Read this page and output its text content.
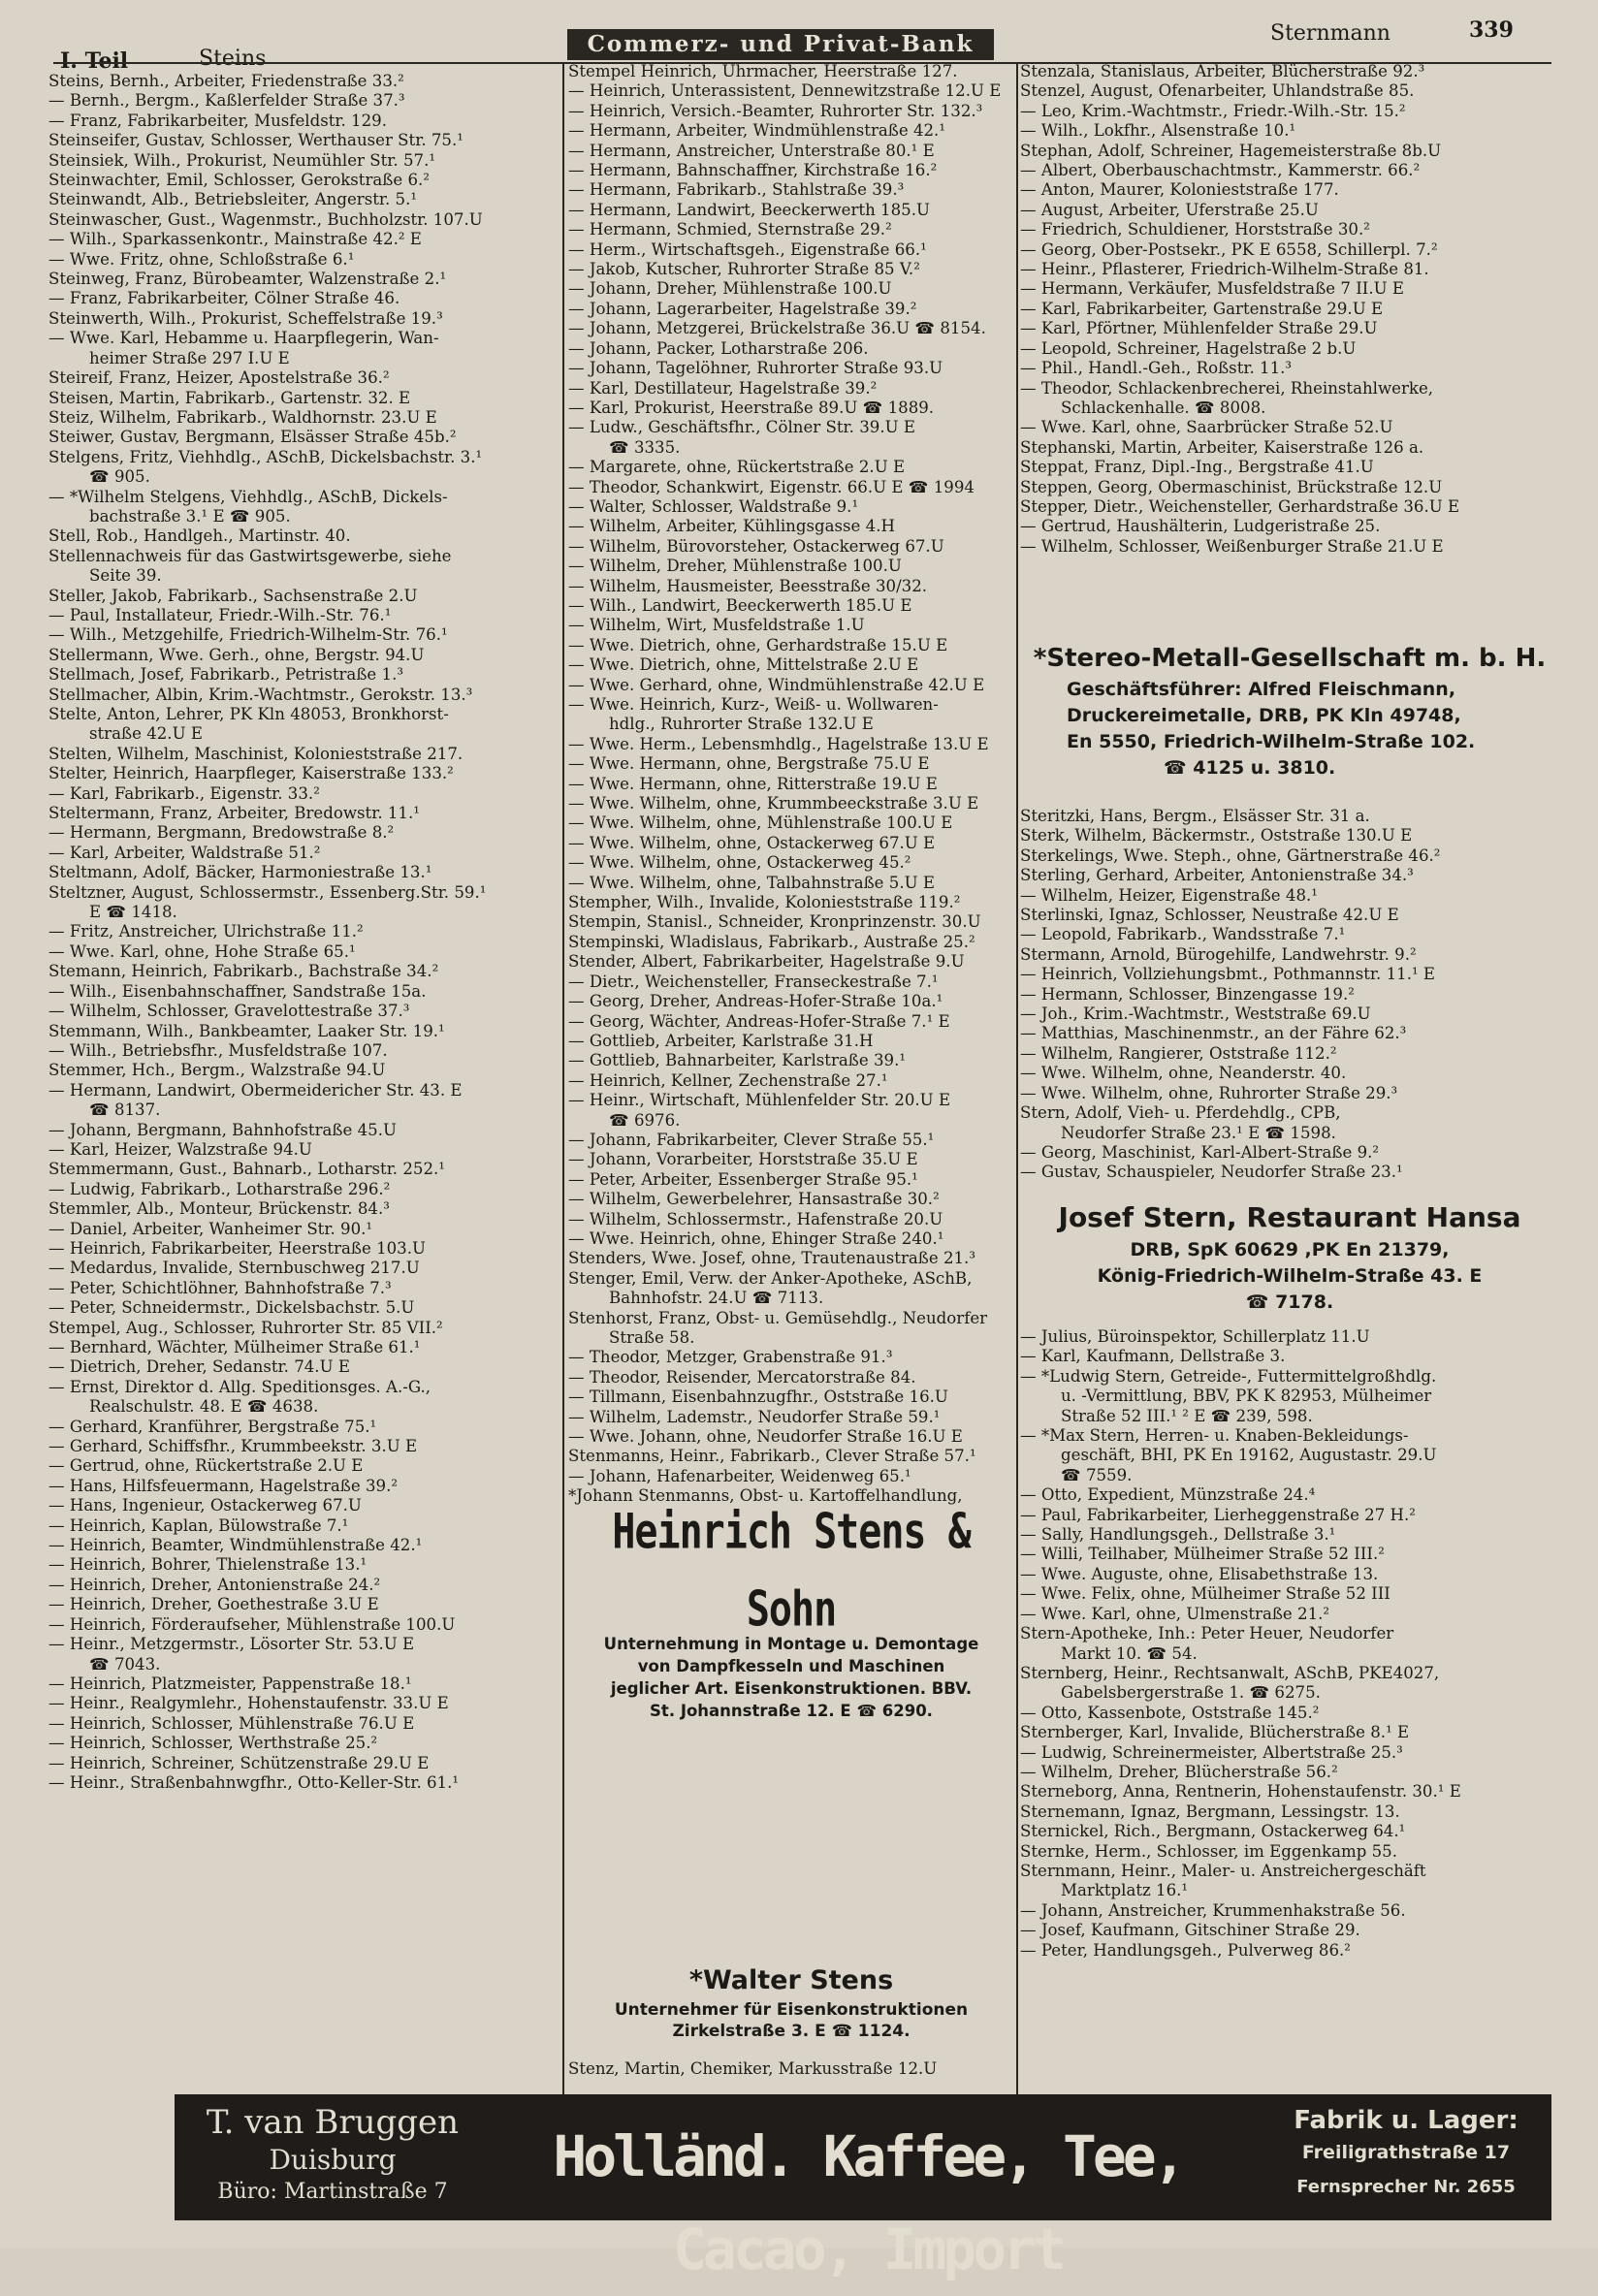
I. Teil	Steins
Commerz- und Privat-Bank	Sternmann	339
Steins, Bernh., Arbeiter, Friedenstraße 33.²
— Bernh., Bergm., Kaßlerfelder Straße 37.³
— Franz, Fabrikarbeiter, Musfeldstr. 129.
Steinseifer, Gustav, Schlosser, Werthauser Str. 75.¹
Steinsiek, Wilh., Prokurist, Neumühler Str. 57.¹
Steinwachter, Emil, Schlosser, Gerokstraße 6.²
Steinwandt, Alb., Betriebsleiter, Angerstr. 5.¹
Steinwascher, Gust., Wagenmstr., Buchholzstr. 107.U
— Wilh., Sparkassenkontr., Mainstraße 42.² E
— Wwe. Fritz, ohne, Schloßstraße 6.¹
Steinweg, Franz, Bürobeamter, Walzenstraße 2.¹
— Franz, Fabrikarbeiter, Cölner Straße 46.
Steinwerth, Wilh., Prokurist, Scheffelstraße 19.³
— Wwe. Karl, Hebamme u. Haarpflegerin, Wan-
heimer Straße 297 I.U E
Steireif, Franz, Heizer, Apostelstraße 36.²
Steisen, Martin, Fabrikarb., Gartenstr. 32. E
Steiz, Wilhelm, Fabrikarb., Waldhornstr. 23.U E
Steiwer, Gustav, Bergmann, Elsässer Straße 45b.²
Stelgens, Fritz, Viehhdlg., ASchB, Dickelsbachstr. 3.¹
☎ 905.
— *Wilhelm Stelgens, Viehhdlg., ASchB, Dickels-
bachstraße 3.¹ E ☎ 905.
Stell, Rob., Handlgeh., Martinstr. 40.
Stellennachweis für das Gastwirtsgewerbe, siehe
Seite 39.
Steller, Jakob, Fabrikarb., Sachsenstraße 2.U
— Paul, Installateur, Friedr.-Wilh.-Str. 76.¹
— Wilh., Metzgehilfe, Friedrich-Wilhelm-Str. 76.¹
Stellermann, Wwe. Gerh., ohne, Bergstr. 94.U
Stellmach, Josef, Fabrikarb., Petristraße 1.³
Stellmacher, Albin, Krim.-Wachtmstr., Gerokstr. 13.³
Stelte, Anton, Lehrer, PK Kln 48053, Bronkhorst-
straße 42.U E
Stelten, Wilhelm, Maschinist, Kolonieststraße 217.
Stelter, Heinrich, Haarpfleger, Kaiserstraße 133.²
— Karl, Fabrikarb., Eigenstr. 33.²
Steltermann, Franz, Arbeiter, Bredowstr. 11.¹
— Hermann, Bergmann, Bredowstraße 8.²
— Karl, Arbeiter, Waldstraße 51.²
Steltmann, Adolf, Bäcker, Harmoniestraße 13.¹
Steltzner, August, Schlossermstr., Essenberg.Str. 59.¹
E ☎ 1418.
— Fritz, Anstreicher, Ulrichstraße 11.²
— Wwe. Karl, ohne, Hohe Straße 65.¹
Stemann, Heinrich, Fabrikarb., Bachstraße 34.²
— Wilh., Eisenbahnschaffner, Sandstraße 15a.
— Wilhelm, Schlosser, Gravelottestraße 37.³
Stemmann, Wilh., Bankbeamter, Laaker Str. 19.¹
— Wilh., Betriebsfhr., Musfeldstraße 107.
Stemmer, Hch., Bergm., Walzstraße 94.U
— Hermann, Landwirt, Obermeidericher Str. 43. E
☎ 8137.
— Johann, Bergmann, Bahnhofstraße 45.U
— Karl, Heizer, Walzstraße 94.U
Stemmermann, Gust., Bahnarb., Lotharstr. 252.¹
— Ludwig, Fabrikarb., Lotharstraße 296.²
Stemmler, Alb., Monteur, Brückenstr. 84.³
— Daniel, Arbeiter, Wanheimer Str. 90.¹
— Heinrich, Fabrikarbeiter, Heerstraße 103.U
— Medardus, Invalide, Sternbuschweg 217.U
— Peter, Schichtlöhner, Bahnhofstraße 7.³
— Peter, Schneidermstr., Dickelsbachstr. 5.U
Stempel, Aug., Schlosser, Ruhrorter Str. 85 VII.²
— Bernhard, Wächter, Mülheimer Straße 61.¹
— Dietrich, Dreher, Sedanstr. 74.U E
— Ernst, Direktor d. Allg. Speditionsges. A.-G.,
Realschulstr. 48. E ☎ 4638.
— Gerhard, Kranführer, Bergstraße 75.¹
— Gerhard, Schiffsfhr., Krummbeekstr. 3.U E
— Gertrud, ohne, Rückertstraße 2.U E
— Hans, Hilfsfeuermann, Hagelstraße 39.²
— Hans, Ingenieur, Ostackerweg 67.U
— Heinrich, Kaplan, Bülowstraße 7.¹
— Heinrich, Beamter, Windmühlenstraße 42.¹
— Heinrich, Bohrer, Thielenstraße 13.¹
— Heinrich, Dreher, Antonienstraße 24.²
— Heinrich, Dreher, Goethestraße 3.U E
— Heinrich, Förderaufseher, Mühlenstraße 100.U
— Heinr., Metzgermstr., Lösorter Str. 53.U E
☎ 7043.
— Heinrich, Platzmeister, Pappenstraße 18.¹
— Heinr., Realgymlehr., Hohenstaufenstr. 33.U E
— Heinrich, Schlosser, Mühlenstraße 76.U E
— Heinrich, Schlosser, Werthstraße 25.²
— Heinrich, Schreiner, Schützenstraße 29.U E
— Heinr., Straßenbahnwgfhr., Otto-Keller-Str. 61.¹
Stempel Heinrich, Uhrmacher, Heerstraße 127.
— Heinrich, Unterassistent, Dennewitzstraße 12.U E
— Heinrich, Versich.-Beamter, Ruhrorter Str. 132.³
— Hermann, Arbeiter, Windmühlenstraße 42.¹
— Hermann, Anstreicher, Unterstraße 80.¹ E
— Hermann, Bahnschaffner, Kirchstraße 16.²
— Hermann, Fabrikarb., Stahlstraße 39.³
— Hermann, Landwirt, Beeckerwerth 185.U
— Hermann, Schmied, Sternstraße 29.²
— Herm., Wirtschaftsgeh., Eigenstraße 66.¹
— Jakob, Kutscher, Ruhrorter Straße 85 V.²
— Johann, Dreher, Mühlenstraße 100.U
— Johann, Lagerarbeiter, Hagelstraße 39.²
— Johann, Metzgerei, Brückelstraße 36.U ☎ 8154.
— Johann, Packer, Lotharstraße 206.
— Johann, Tagelöhner, Ruhrorter Straße 93.U
— Karl, Destillateur, Hagelstraße 39.²
— Karl, Prokurist, Heerstraße 89.U ☎ 1889.
— Ludw., Geschäftsfhr., Cölner Str. 39.U E
☎ 3335.
— Margarete, ohne, Rückertstraße 2.U E
— Theodor, Schankwirt, Eigenstr. 66.U E ☎ 1994
— Walter, Schlosser, Waldstraße 9.¹
— Wilhelm, Arbeiter, Kühlingsgasse 4.H
— Wilhelm, Bürovorsteher, Ostackerweg 67.U
— Wilhelm, Dreher, Mühlenstraße 100.U
— Wilhelm, Hausmeister, Beesstraße 30/32.
— Wilh., Landwirt, Beeckerwerth 185.U E
— Wilhelm, Wirt, Musfeldstraße 1.U
— Wwe. Dietrich, ohne, Gerhardstraße 15.U E
— Wwe. Dietrich, ohne, Mittelstraße 2.U E
— Wwe. Gerhard, ohne, Windmühlenstraße 42.U E
— Wwe. Heinrich, Kurz-, Weiß- u. Wollwaren-
hdlg., Ruhrorter Straße 132.U E
— Wwe. Herm., Lebensmhdlg., Hagelstraße 13.U E
— Wwe. Hermann, ohne, Bergstraße 75.U E
— Wwe. Hermann, ohne, Ritterstraße 19.U E
— Wwe. Wilhelm, ohne, Krummbeeckstraße 3.U E
— Wwe. Wilhelm, ohne, Mühlenstraße 100.U E
— Wwe. Wilhelm, ohne, Ostackerweg 67.U E
— Wwe. Wilhelm, ohne, Ostackerweg 45.²
— Wwe. Wilhelm, ohne, Talbahnstraße 5.U E
Stempher, Wilh., Invalide, Kolonieststraße 119.²
Stempin, Stanisl., Schneider, Kronprinzenstr. 30.U
Stempinski, Wladislaus, Fabrikarb., Austraße 25.²
Stender, Albert, Fabrikarbeiter, Hagelstraße 9.U
— Dietr., Weichensteller, Franseckestraße 7.¹
— Georg, Dreher, Andreas-Hofer-Straße 10a.¹
— Georg, Wächter, Andreas-Hofer-Straße 7.¹ E
— Gottlieb, Arbeiter, Karlstraße 31.H
— Gottlieb, Bahnarbeiter, Karlstraße 39.¹
— Heinrich, Kellner, Zechenstraße 27.¹
— Heinr., Wirtschaft, Mühlenfelder Str. 20.U E
☎ 6976.
— Johann, Fabrikarbeiter, Clever Straße 55.¹
— Johann, Vorarbeiter, Horststraße 35.U E
— Peter, Arbeiter, Essenberger Straße 95.¹
— Wilhelm, Gewerbelehrer, Hansastraße 30.²
— Wilhelm, Schlossermstr., Hafenstraße 20.U
— Wwe. Heinrich, ohne, Ehinger Straße 240.¹
Stenders, Wwe. Josef, ohne, Trautenaustraße 21.³
Stenger, Emil, Verw. der Anker-Apotheke, ASchB,
Bahnhofstr. 24.U ☎ 7113.
Stenhorst, Franz, Obst- u. Gemüsehdlg., Neudorfer
Straße 58.
— Theodor, Metzger, Grabenstraße 91.³
— Theodor, Reisender, Mercatorstraße 84.
— Tillmann, Eisenbahnzugfhr., Oststraße 16.U
— Wilhelm, Lademstr., Neudorfer Straße 59.¹
— Wwe. Johann, ohne, Neudorfer Straße 16.U E
Stenmanns, Heinr., Fabrikarb., Clever Straße 57.¹
— Johann, Hafenarbeiter, Weidenweg 65.¹
*Johann Stenmanns, Obst- u. Kartoffelhandlung,
Heinrich Stens & Sohn
Unternehmung in Montage u. Demontage
von Dampfkesseln und Maschinen
jeglicher Art. Eisenkonstruktionen. BBV.
St. Johannstraße 12. E ☎ 6290.
*Walter Stens
Unternehmer für Eisenkonstruktionen
Zirkelstraße 3. E ☎ 1124.
Stenz, Martin, Chemiker, Markusstraße 12.U
Stenzala, Stanislaus, Arbeiter, Blücherstraße 92.³
Stenzel, August, Ofenarbeiter, Uhlandstraße 85.
— Leo, Krim.-Wachtmstr., Friedr.-Wilh.-Str. 15.²
— Wilh., Lokfhr., Alsenstraße 10.¹
Stephan, Adolf, Schreiner, Hagemeisterstraße 8b.U
— Albert, Oberbauschachtmstr., Kammerstr. 66.²
— Anton, Maurer, Kolonieststraße 177.
— August, Arbeiter, Uferstraße 25.U
— Friedrich, Schuldiener, Horststraße 30.²
— Georg, Ober-Postsekr., PK E 6558, Schillerpl. 7.²
— Heinr., Pflasterer, Friedrich-Wilhelm-Straße 81.
— Hermann, Verkäufer, Musfeldstraße 7 II.U E
— Karl, Fabrikarbeiter, Gartenstraße 29.U E
— Karl, Pförtner, Mühlenfelder Straße 29.U
— Leopold, Schreiner, Hagelstraße 2 b.U
— Phil., Handl.-Geh., Roßstr. 11.³
— Theodor, Schlackenbrecherei, Rheinstahlwerke,
Schlackenhalle. ☎ 8008.
— Wwe. Karl, ohne, Saarbrücker Straße 52.U
Stephanski, Martin, Arbeiter, Kaiserstraße 126 a.
Steppat, Franz, Dipl.-Ing., Bergstraße 41.U
Steppen, Georg, Obermaschinist, Brückstraße 12.U
Stepper, Dietr., Weichensteller, Gerhardstraße 36.U E
— Gertrud, Haushälterin, Ludgeristraße 25.
— Wilhelm, Schlosser, Weißenburger Straße 21.U E
*Stereo-Metall-Gesellschaft m. b. H.
Geschäftsführer: Alfred Fleischmann,
Druckereimetalle, DRB, PK Kln 49748,
En 5550, Friedrich-Wilhelm-Straße 102.
☎ 4125 u. 3810.
Steritzki, Hans, Bergm., Elsässer Str. 31 a.
Sterk, Wilhelm, Bäckermstr., Oststraße 130.U E
Sterkelings, Wwe. Steph., ohne, Gärtnerstraße 46.²
Sterling, Gerhard, Arbeiter, Antonienstraße 34.³
— Wilhelm, Heizer, Eigenstraße 48.¹
Sterlinski, Ignaz, Schlosser, Neustraße 42.U E
— Leopold, Fabrikarb., Wandsstraße 7.¹
Stermann, Arnold, Bürogehilfe, Landwehrstr. 9.²
— Heinrich, Vollziehungsbmt., Pothmannstr. 11.¹ E
— Hermann, Schlosser, Binzengasse 19.²
— Joh., Krim.-Wachtmstr., Weststraße 69.U
— Matthias, Maschinenmstr., an der Fähre 62.³
— Wilhelm, Rangierer, Oststraße 112.²
— Wwe. Wilhelm, ohne, Neanderstr. 40.
— Wwe. Wilhelm, ohne, Ruhrorter Straße 29.³
Stern, Adolf, Vieh- u. Pferdehdlg., CPB,
Neudorfer Straße 23.¹ E ☎ 1598.
— Georg, Maschinist, Karl-Albert-Straße 9.²
— Gustav, Schauspieler, Neudorfer Straße 23.¹
Josef Stern, Restaurant Hansa
DRB, SpK 60629 ,PK En 21379,
König-Friedrich-Wilhelm-Straße 43. E
☎ 7178.
— Julius, Büroinspektor, Schillerplatz 11.U
— Karl, Kaufmann, Dellstraße 3.
— *Ludwig Stern, Getreide-, Futtermittelgroßhdlg.
u. -Vermittlung, BBV, PK K 82953, Mülheimer
Straße 52 III.¹ ² E ☎ 239, 598.
— *Max Stern, Herren- u. Knaben-Bekleidungs-
geschäft, BHI, PK En 19162, Augustastr. 29.U
☎ 7559.
— Otto, Expedient, Münzstraße 24.⁴
— Paul, Fabrikarbeiter, Lierheggenstraße 27 H.²
— Sally, Handlungsgeh., Dellstraße 3.¹
— Willi, Teilhaber, Mülheimer Straße 52 III.²
— Wwe. Auguste, ohne, Elisabethstraße 13.
— Wwe. Felix, ohne, Mülheimer Straße 52 III
— Wwe. Karl, ohne, Ulmenstraße 21.²
Stern-Apotheke, Inh.: Peter Heuer, Neudorfer
Markt 10. ☎ 54.
Sternberg, Heinr., Rechtsanwalt, ASchB, PKE4027,
Gabelsbergerstraße 1. ☎ 6275.
— Otto, Kassenbote, Oststraße 145.²
Sternberger, Karl, Invalide, Blücherstraße 8.¹ E
— Ludwig, Schreinermeister, Albertstraße 25.³
— Wilhelm, Dreher, Blücherstraße 56.²
Sterneborg, Anna, Rentnerin, Hohenstaufenstr. 30.¹ E
Sternemann, Ignaz, Bergmann, Lessingstr. 13.
Sternickel, Rich., Bergmann, Ostackerweg 64.¹
Sternke, Herm., Schlosser, im Eggenkamp 55.
Sternmann, Heinr., Maler- u. Anstreichergeschäft
Marktplatz 16.¹
— Johann, Anstreicher, Krummenhakstraße 56.
— Josef, Kaufmann, Gitschiner Straße 29.
— Peter, Handlungsgeh., Pulverweg 86.²
T. van Bruggen
Duisburg
Büro: Martinstraße 7
Holländ. Kaffee, Tee, Cacao, Import
Fabrik u. Lager:
Freiligrathstraße 17
Fernsprecher Nr. 2655
